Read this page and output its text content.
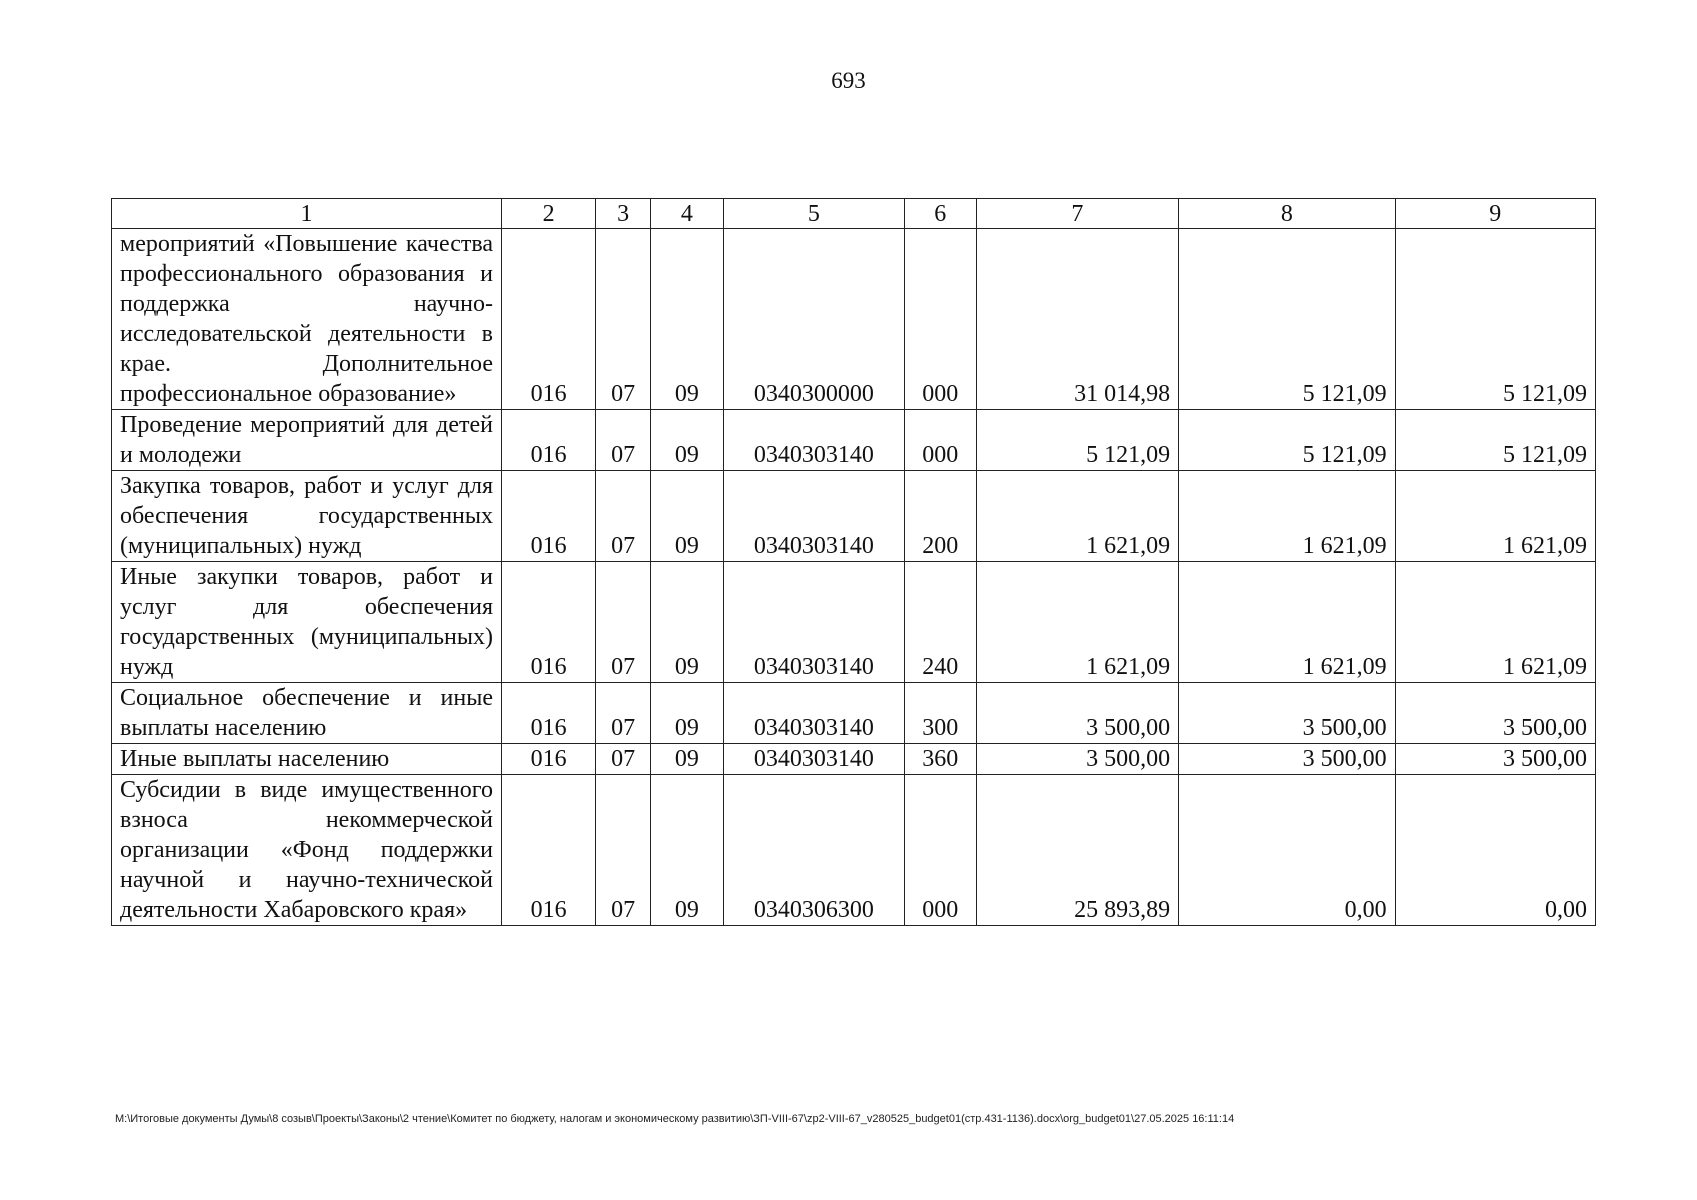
693
1	2	3	4	5	6	7	8	9
мероприятий «Повышение качества профессионального образования и поддержка научно-исследовательской деятельности в крае. Дополнительное профессиональное образование»	016	07	09	0340300000	000	31 014,98	5 121,09	5 121,09
Проведение мероприятий для детей и молодежи	016	07	09	0340303140	000	5 121,09	5 121,09	5 121,09
Закупка товаров, работ и услуг для обеспечения государственных (муниципальных) нужд	016	07	09	0340303140	200	1 621,09	1 621,09	1 621,09
Иные закупки товаров, работ и услуг для обеспечения государственных (муниципальных) нужд	016	07	09	0340303140	240	1 621,09	1 621,09	1 621,09
Социальное обеспечение и иные выплаты населению	016	07	09	0340303140	300	3 500,00	3 500,00	3 500,00
Иные выплаты населению	016	07	09	0340303140	360	3 500,00	3 500,00	3 500,00
Субсидии в виде имущественного взноса некоммерческой организации «Фонд поддержки научной и научно-технической деятельности Хабаровского края»	016	07	09	0340306300	000	25 893,89	0,00	0,00
M:\Итоговые документы Думы\8 созыв\Проекты\Законы\2 чтение\Комитет по бюджету, налогам и экономическому развитию\ЗП-VIII-67\zp2-VIII-67_v280525_budget01(стр.431-1136).docx\org_budget01\27.05.2025 16:11:14
